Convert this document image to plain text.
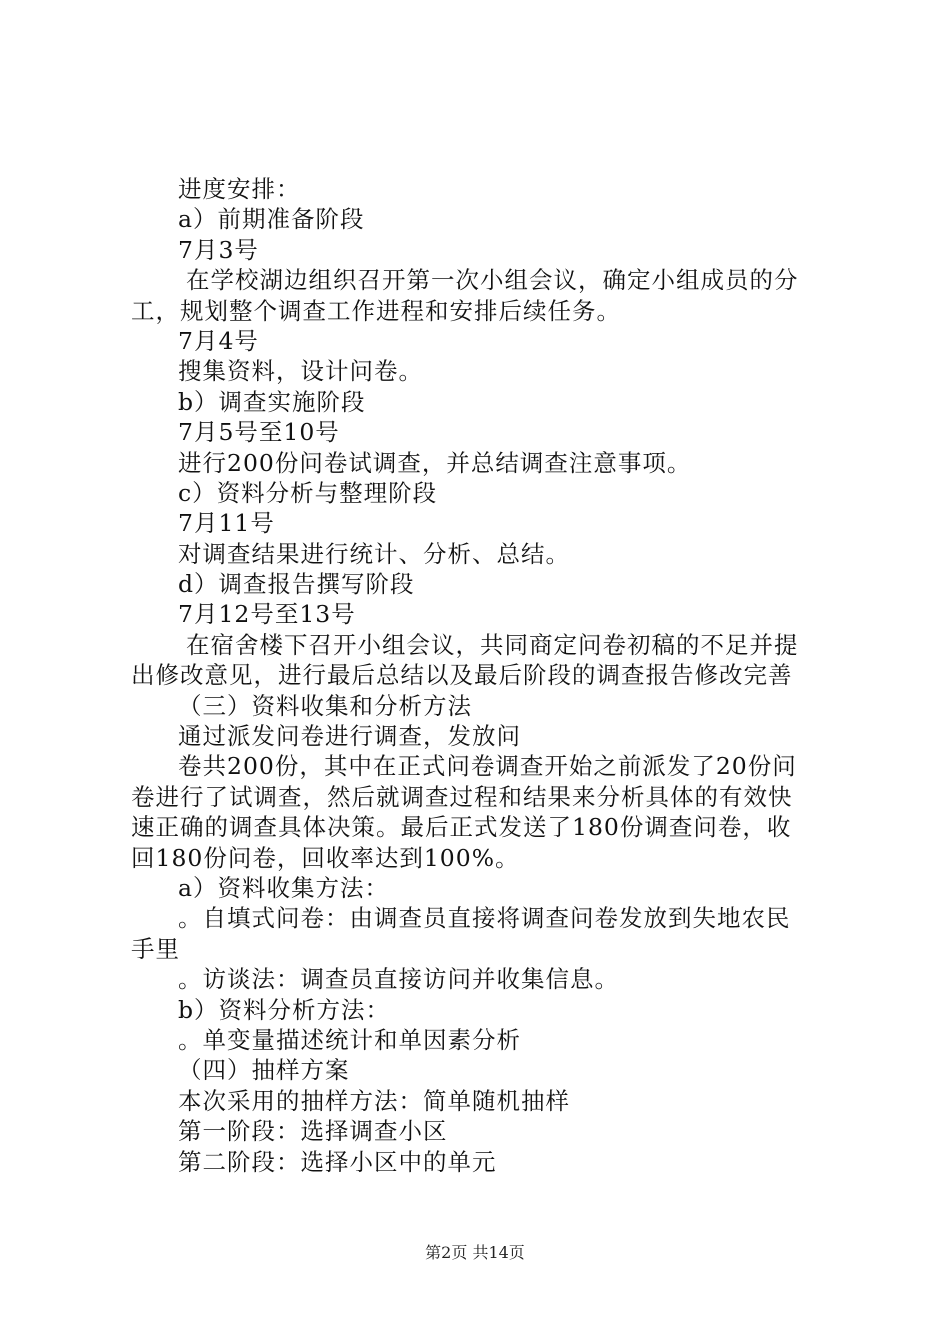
进度安排：
a）前期准备阶段
7月3号
在学校湖边组织召开第一次小组会议，确定小组成员的分
工，规划整个调查工作进程和安排后续任务。
7月4号
搜集资料，设计问卷。
b）调查实施阶段
7月5号至10号
进行200份问卷试调查，并总结调查注意事项。
c）资料分析与整理阶段
7月11号
对调查结果进行统计、分析、总结。
d）调查报告撰写阶段
7月12号至13号
在宿舍楼下召开小组会议，共同商定问卷初稿的不足并提
出修改意见，进行最后总结以及最后阶段的调查报告修改完善
（三）资料收集和分析方法
通过派发问卷进行调查，发放问
卷共200份，其中在正式问卷调查开始之前派发了20份问
卷进行了试调查，然后就调查过程和结果来分析具体的有效快
速正确的调查具体决策。最后正式发送了180份调查问卷，收
回180份问卷，回收率达到100%。
a）资料收集方法：
。自填式问卷：由调查员直接将调查问卷发放到失地农民
手里
。访谈法：调查员直接访问并收集信息。
b）资料分析方法：
。单变量描述统计和单因素分析
（四）抽样方案
本次采用的抽样方法：简单随机抽样
第一阶段：选择调查小区
第二阶段：选择小区中的单元
第2页 共14页
